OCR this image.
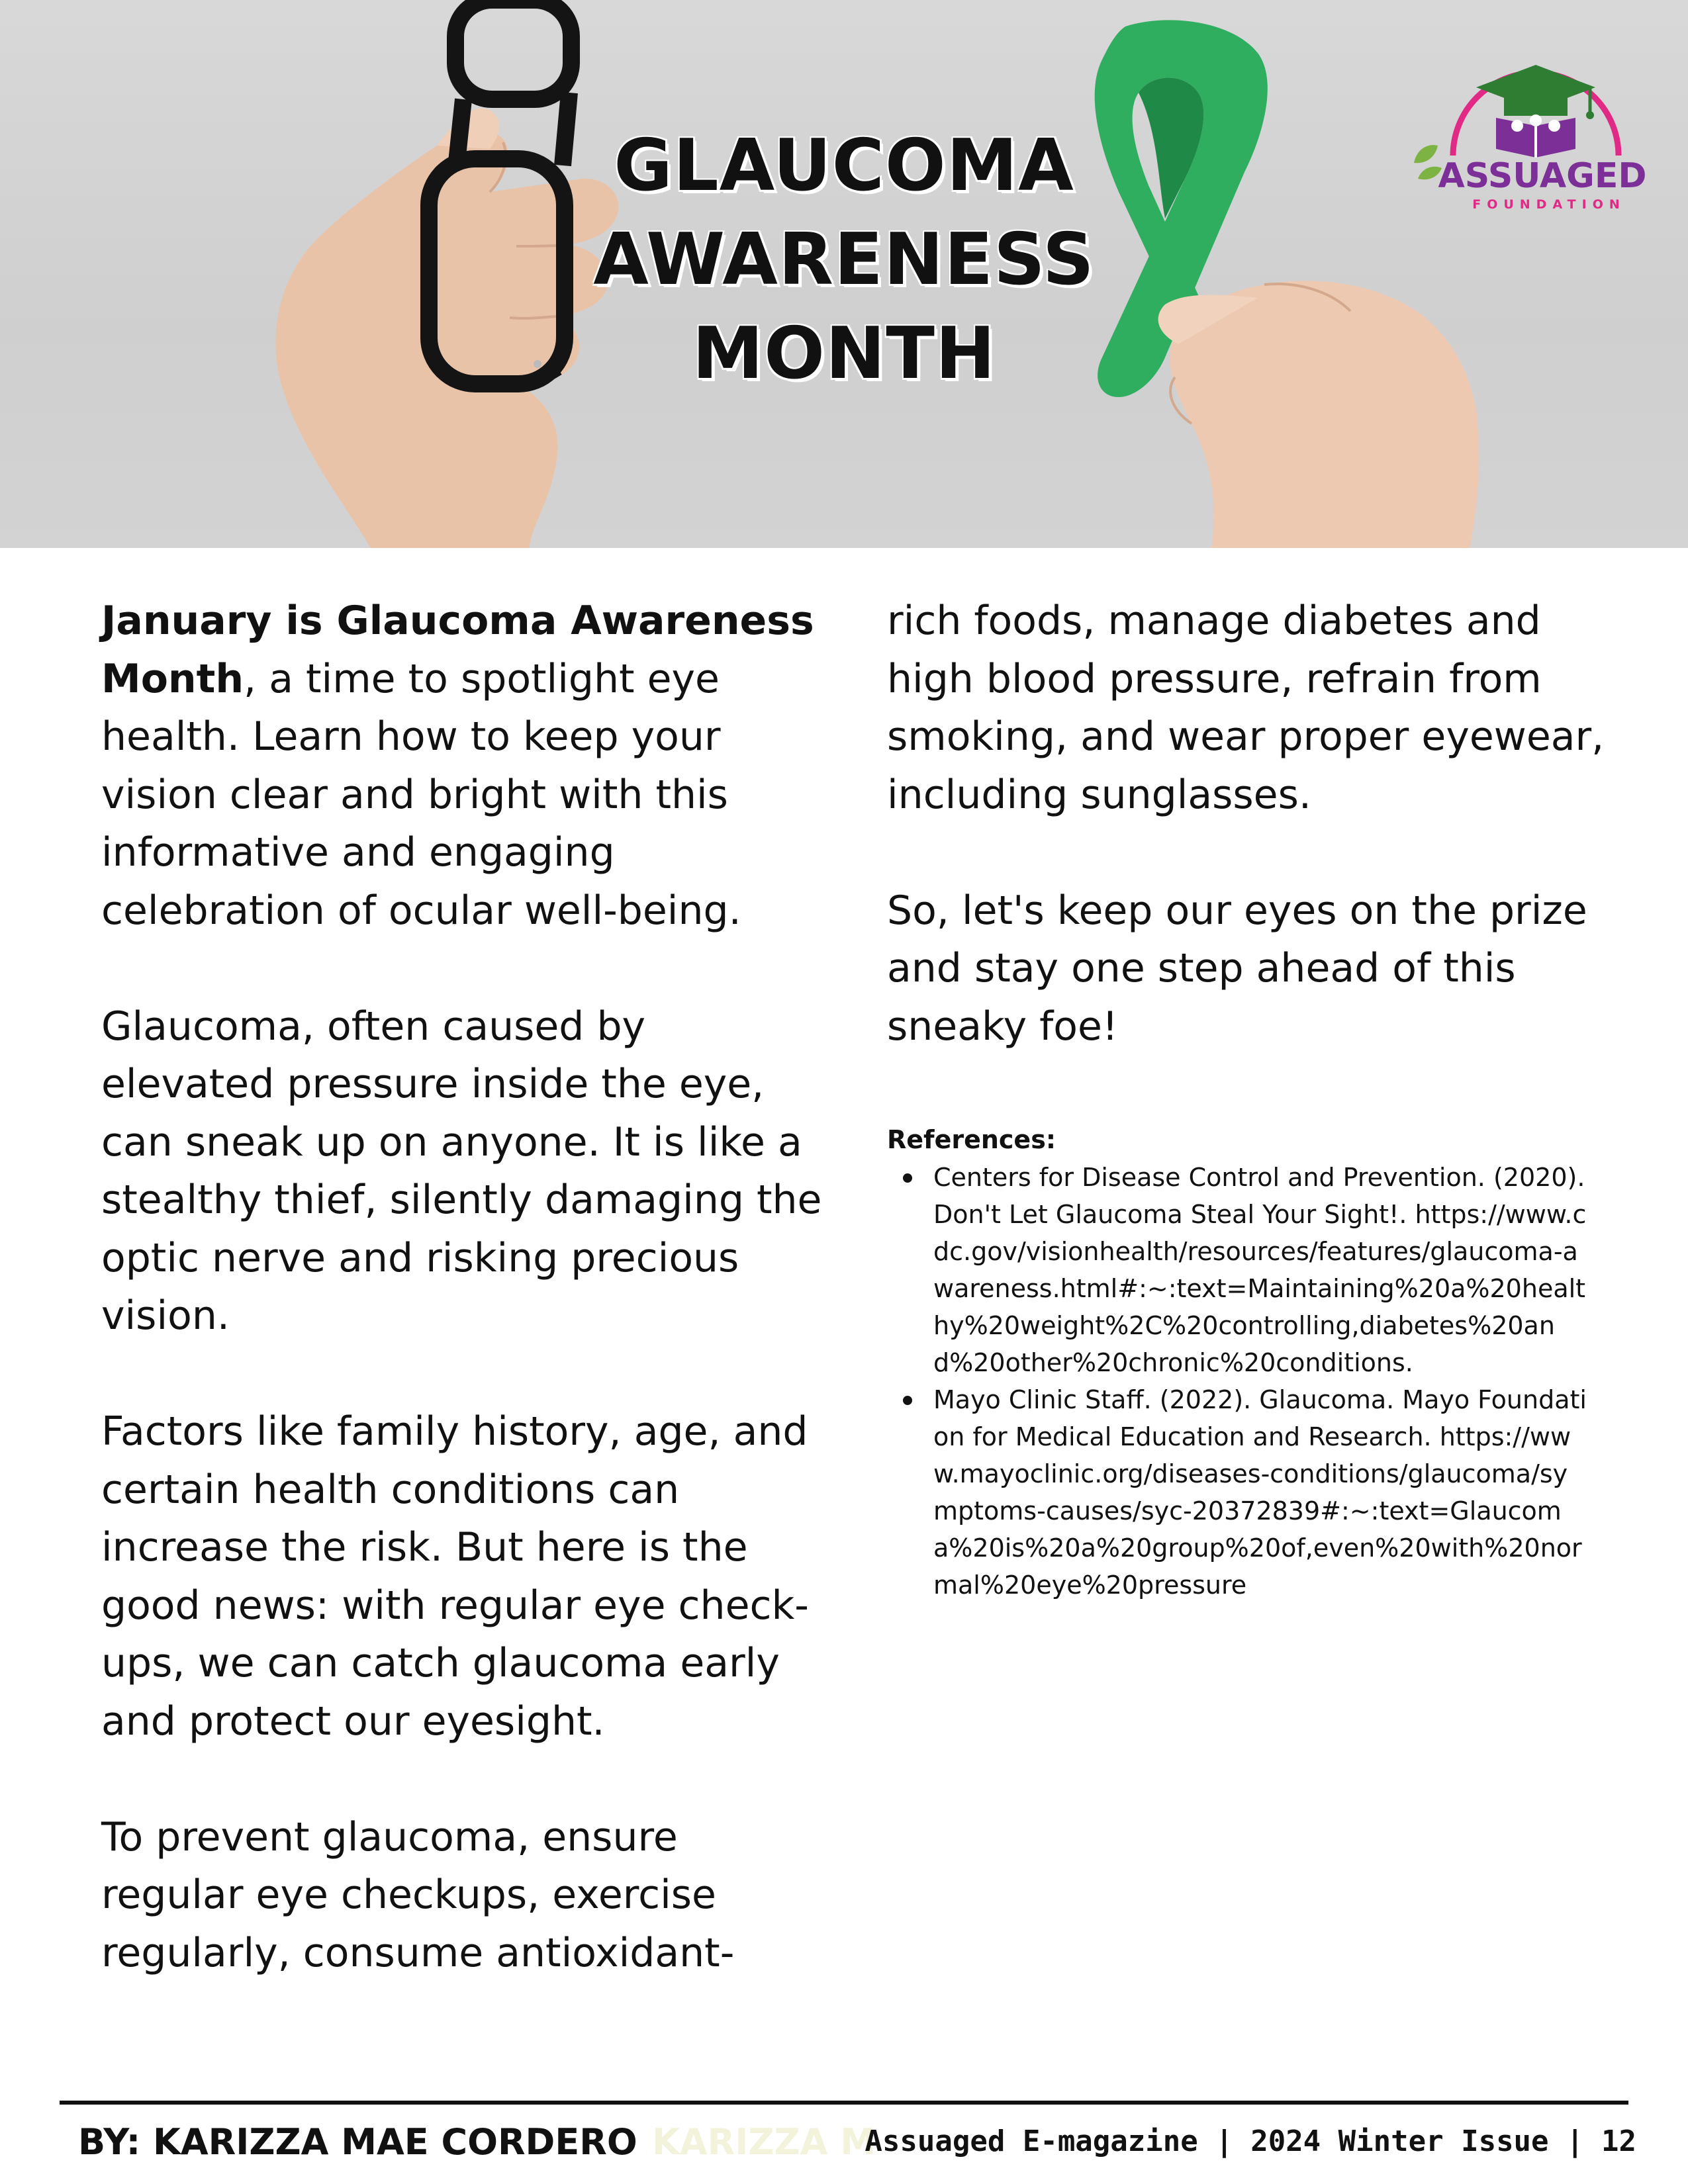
GLAUCOMA
AWARENESS
MONTH
ASSUAGED
FOUNDATION

January is Glaucoma Awareness Month, a time to spotlight eye health. Learn how to keep your vision clear and bright with this informative and engaging celebration of ocular well-being.

Glaucoma, often caused by elevated pressure inside the eye, can sneak up on anyone. It is like a stealthy thief, silently damaging the optic nerve and risking precious vision.

Factors like family history, age, and certain health conditions can increase the risk. But here is the good news: with regular eye check-ups, we can catch glaucoma early and protect our eyesight.

To prevent glaucoma, ensure regular eye checkups, exercise regularly, consume antioxidant-

rich foods, manage diabetes and high blood pressure, refrain from smoking, and wear proper eyewear, including sunglasses.

So, let's keep our eyes on the prize and stay one step ahead of this sneaky foe!

References:
Centers for Disease Control and Prevention. (2020). Don't Let Glaucoma Steal Your Sight!. https://www.cdc.gov/visionhealth/resources/features/glaucoma-awareness.html#:~:text=Maintaining%20a%20healthy%20weight%2C%20controlling,diabetes%20and%20other%20chronic%20conditions.
Mayo Clinic Staff. (2022). Glaucoma. Mayo Foundation for Medical Education and Research. https://www.mayoclinic.org/diseases-conditions/glaucoma/symptoms-causes/syc-20372839#:~:text=Glaucoma%20is%20a%20group%20of,even%20with%20normal%20eye%20pressure
KARIZZA M
BY: KARIZZA MAE CORDERO	Assuaged E-magazine | 2024 Winter Issue | 12
